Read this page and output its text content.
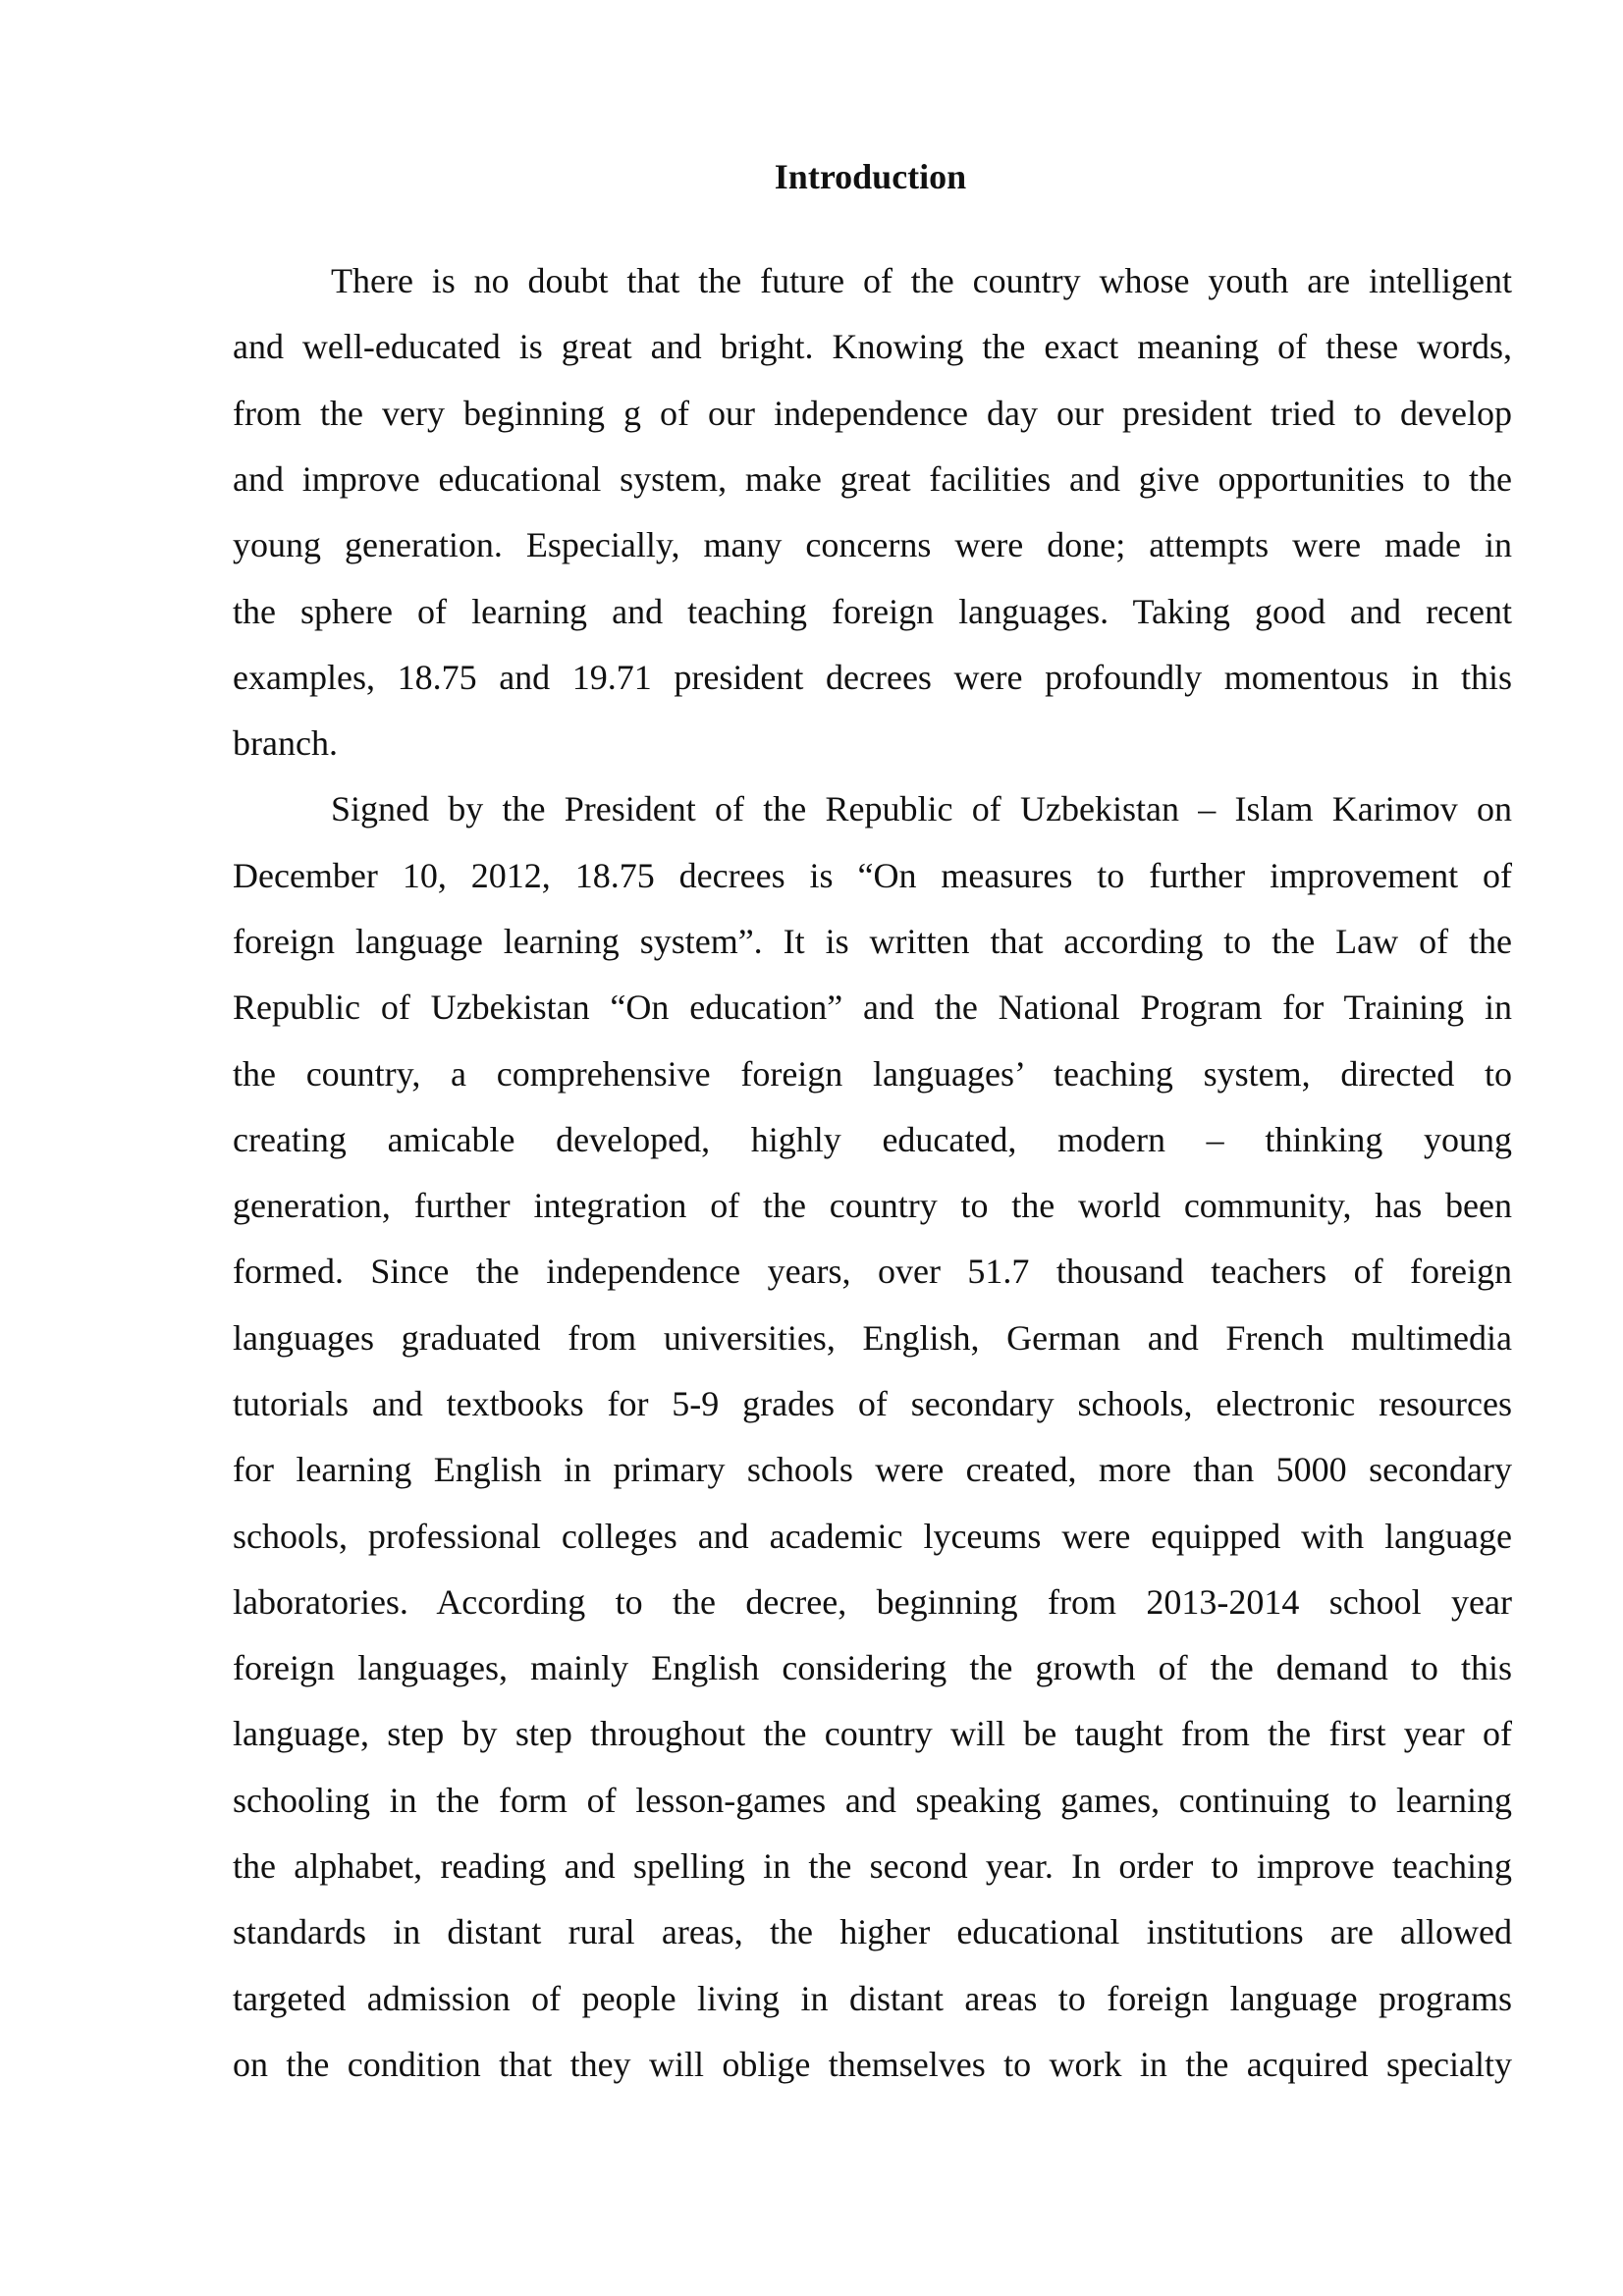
Introduction

There is no doubt that the future of the country whose youth are intelligent

and well-educated is great and bright. Knowing the exact meaning of these words,

from the very beginning g of our independence day our president tried to develop

and improve educational system, make great facilities and give opportunities to the

young generation. Especially, many concerns were done; attempts were made in

the sphere of learning and teaching foreign languages. Taking good and recent

examples, 18.75 and 19.71 president decrees were profoundly momentous in this

branch.

Signed by the President of the Republic of Uzbekistan – Islam Karimov on

December 10, 2012, 18.75 decrees is “On measures to further improvement of

foreign language learning system”. It is written that according to the Law of the

Republic of Uzbekistan “On education” and the National Program for Training in

the country, a comprehensive foreign languages’ teaching system, directed to

creating amicable developed, highly educated, modern – thinking young

generation, further integration of the country to the world community, has been

formed. Since the independence years, over 51.7 thousand teachers of foreign

languages graduated from universities, English, German and French multimedia

tutorials and textbooks for 5-9 grades of secondary schools, electronic resources

for learning English in primary schools were created, more than 5000 secondary

schools, professional colleges and academic lyceums were equipped with language

laboratories. According to the decree, beginning from 2013-2014 school year

foreign languages, mainly English considering the growth of the demand to this

language, step by step throughout the country will be taught from the first year of

schooling in the form of lesson-games and speaking games, continuing to learning

the alphabet, reading and spelling in the second year. In order to improve teaching

standards in distant rural areas, the higher educational institutions are allowed

targeted admission of people living in distant areas to foreign language programs

on the condition that they will oblige themselves to work in the acquired specialty
